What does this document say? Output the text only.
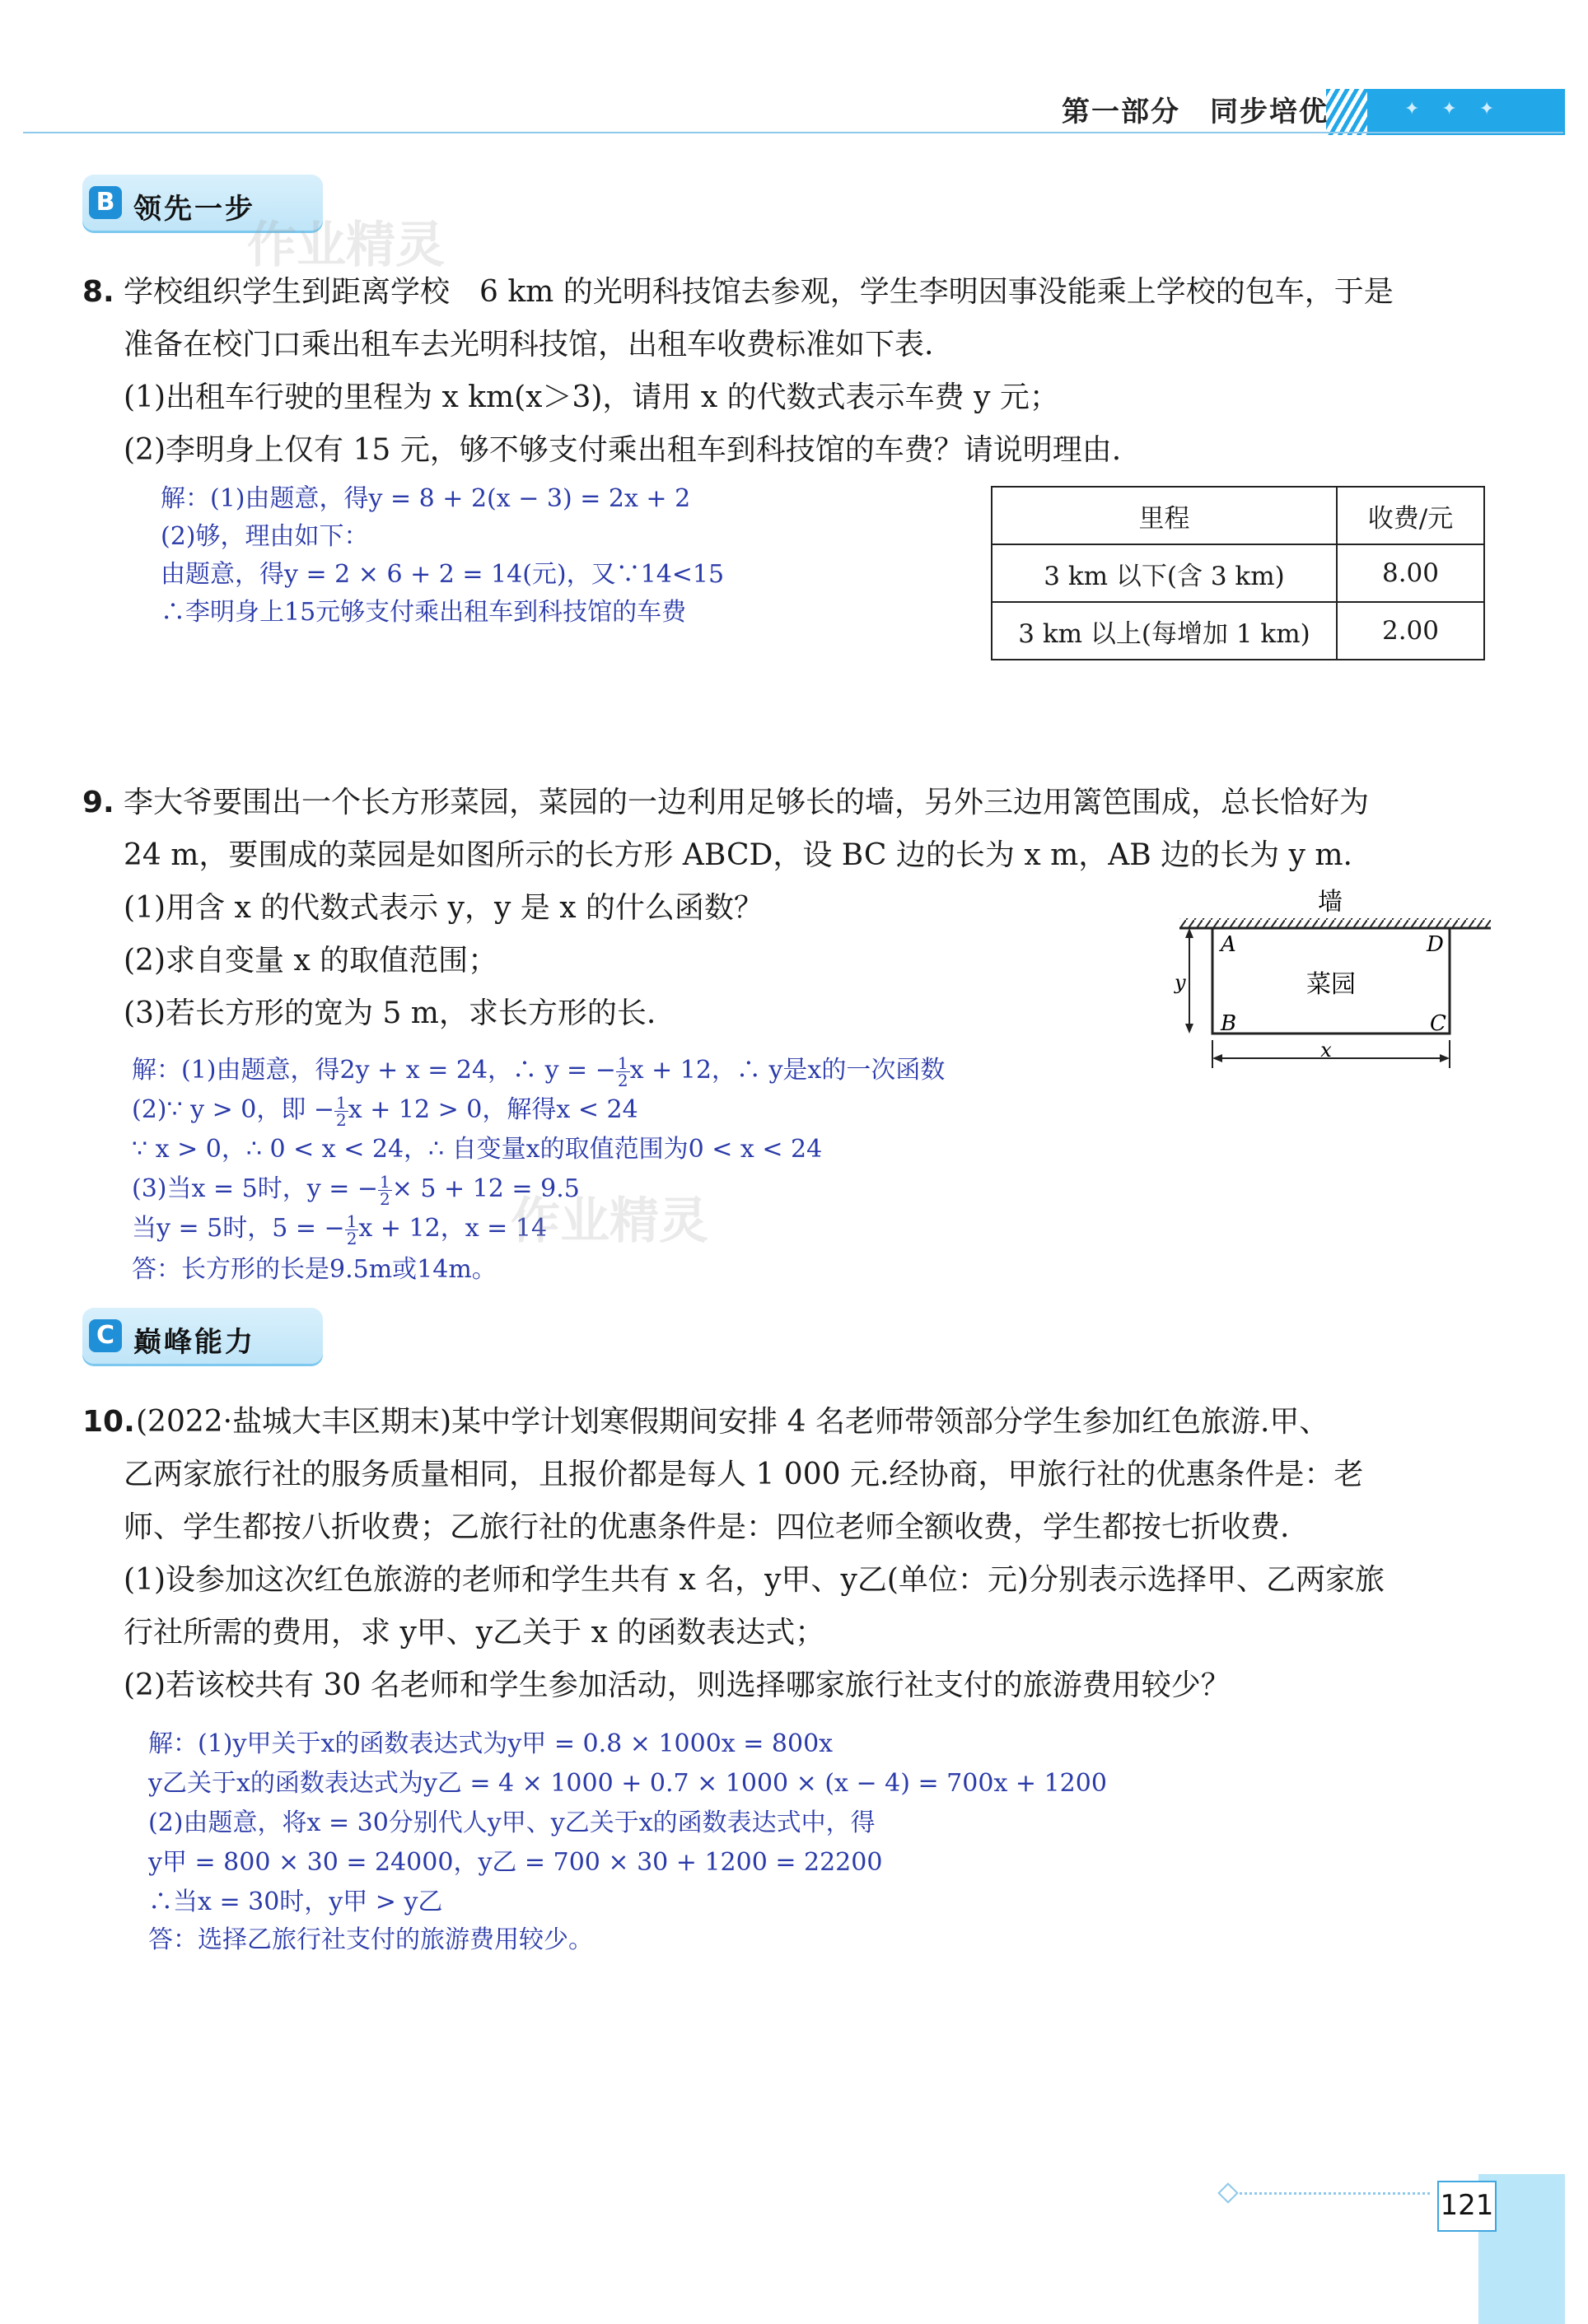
✦ ✦ ✦
第一部分　同步培优
B 领先一步
作业精灵
8. 学校组织学生到距离学校　6 km 的光明科技馆去参观，学生李明因事没能乘上学校的包车，于是
准备在校门口乘出租车去光明科技馆，出租车收费标准如下表.
(1)出租车行驶的里程为 x km(x＞3)，请用 x 的代数式表示车费 y 元；
(2)李明身上仅有 15 元，够不够支付乘出租车到科技馆的车费？请说明理由.
解：(1)由题意，得y = 8 + 2(x − 3) = 2x + 2
(2)够，理由如下：
由题意，得y = 2 × 6 + 2 = 14(元)，又∵14<15
∴李明身上15元够支付乘出租车到科技馆的车费
里程	收费/元
3 km 以下(含 3 km)	8.00
3 km 以上(每增加 1 km)	2.00
9. 李大爷要围出一个长方形菜园，菜园的一边利用足够长的墙，另外三边用篱笆围成，总长恰好为
24 m，要围成的菜园是如图所示的长方形 ABCD，设 BC 边的长为 x m，AB 边的长为 y m.
(1)用含 x 的代数式表示 y，y 是 x 的什么函数？
(2)求自变量 x 的取值范围；
(3)若长方形的宽为 5 m，求长方形的长.
墙
菜园
A	D
B	C
y
x
解：(1)由题意，得2y + x = 24，∴ y = − $\frac{1}{2}$ x + 12，∴ y是x的一次函数
(2)∵ y > 0，即 − $\frac{1}{2}$ x + 12 > 0，解得x < 24
∵ x > 0，∴ 0 < x < 24，∴ 自变量x的取值范围为0 < x < 24
(3)当x = 5时，y = − $\frac{1}{2} \times 5 + 12 = 9.5$
当y = 5时，5 = − $\frac{1}{2}$ x + 12，x = 14
答：长方形的长是9.5m或14m。
作业精灵
C 巅峰能力
10. (2022·盐城大丰区期末)某中学计划寒假期间安排 4 名老师带领部分学生参加红色旅游.甲、
乙两家旅行社的服务质量相同，且报价都是每人 1 000 元.经协商，甲旅行社的优惠条件是：老
师、学生都按八折收费；乙旅行社的优惠条件是：四位老师全额收费，学生都按七折收费.
(1)设参加这次红色旅游的老师和学生共有 x 名，y甲、y乙(单位：元)分别表示选择甲、乙两家旅
行社所需的费用，求 y甲、y乙关于 x 的函数表达式；
(2)若该校共有 30 名老师和学生参加活动，则选择哪家旅行社支付的旅游费用较少？
解：(1)y甲关于x的函数表达式为y甲 = 0.8 × 1000x = 800x
y乙关于x的函数表达式为y乙 = 4 × 1000 + 0.7 × 1000 × (x − 4) = 700x + 1200
(2)由题意，将x = 30分别代人y甲、y乙关于x的函数表达式中，得
y甲 = 800 × 30 = 24000，y乙 = 700 × 30 + 1200 = 22200
∴当x = 30时，y甲 > y乙
答：选择乙旅行社支付的旅游费用较少。
121
